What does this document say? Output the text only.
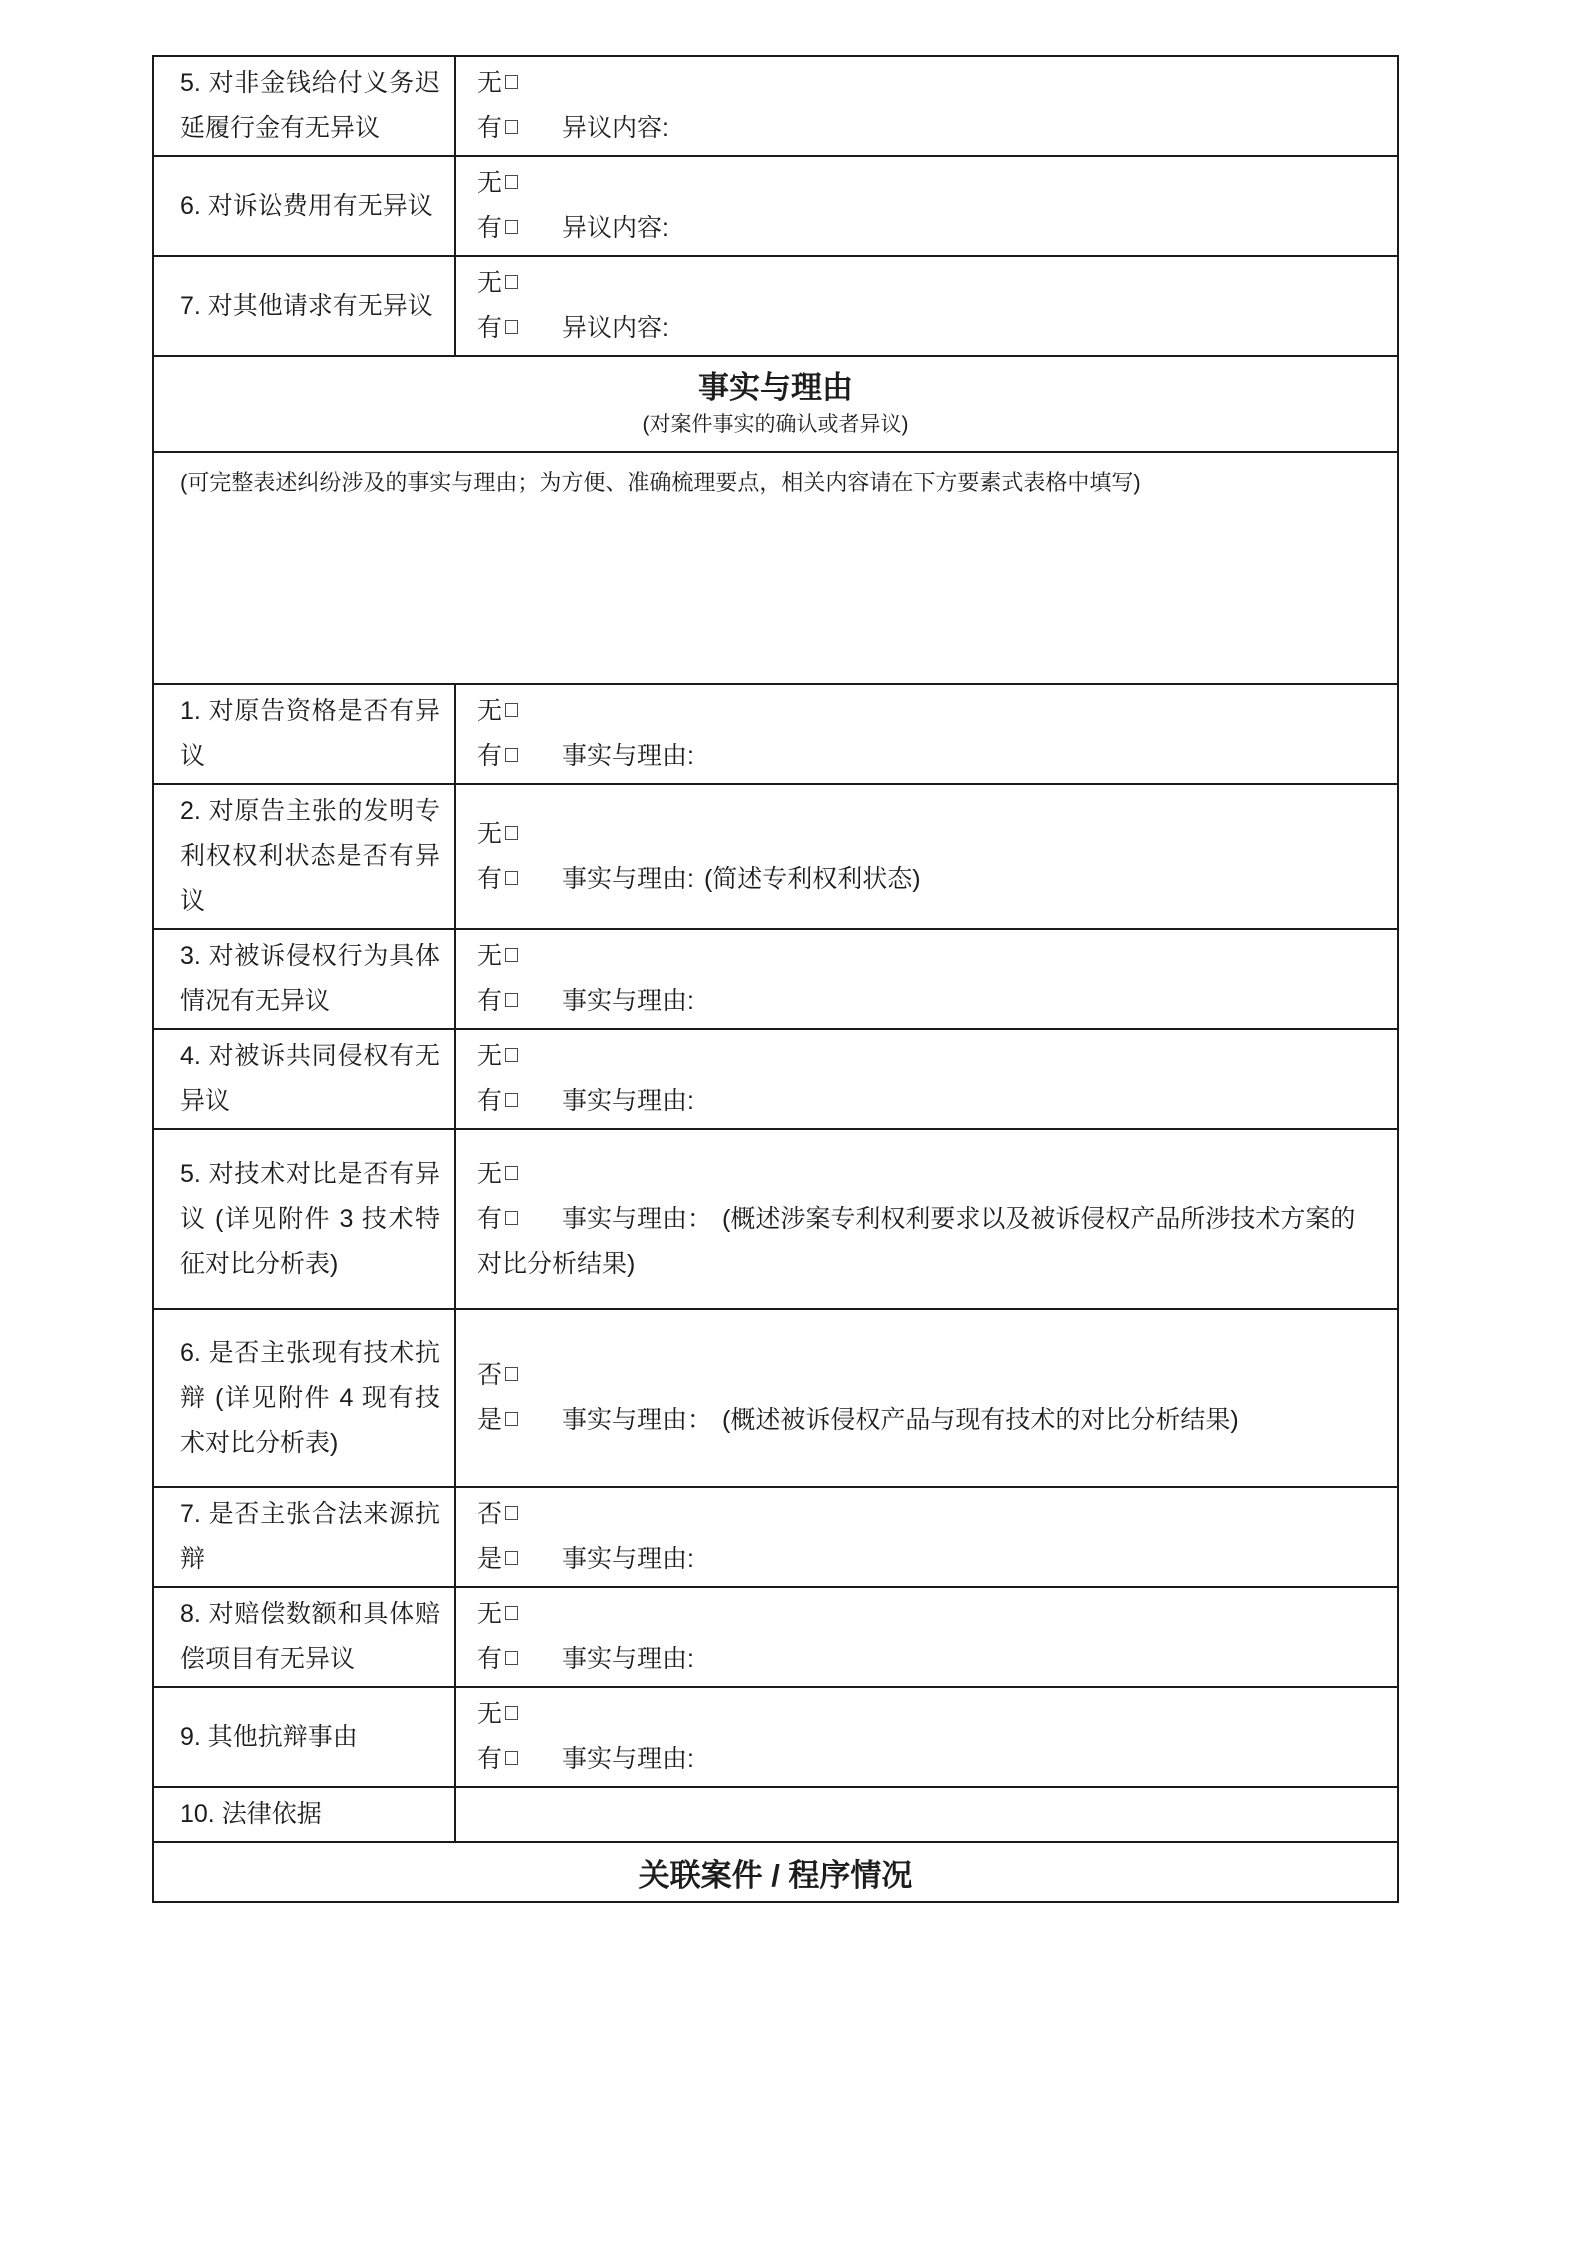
5. 对非金钱给付义务迟延履行金有无异议	无
有 异议内容:

6. 对诉讼费用有无异议	无
有 异议内容:

7. 对其他请求有无异议	无
有 异议内容:

事实与理由
(对案件事实的确认或者异议)	

(可完整表述纠纷涉及的事实与理由；为方便、准确梳理要点，相关内容请在下方要素式表格中填写)	
1. 对原告资格是否有异议	无
有 事实与理由:

2. 对原告主张的发明专利权权利状态是否有异议	无
有 事实与理由: (简述专利权利状态)

3. 对被诉侵权行为具体情况有无异议	无
有 事实与理由:

4. 对被诉共同侵权有无异议	无
有 事实与理由:

5. 对技术对比是否有异议 (详见附件 3 技术特征对比分析表)	无
有 事实与理由： (概述涉案专利权利要求以及被诉侵权产品所涉技术方案的对比分析结果)

6. 是否主张现有技术抗辩 (详见附件 4 现有技术对比分析表)	否
是 事实与理由： (概述被诉侵权产品与现有技术的对比分析结果)

7. 是否主张合法来源抗辩	否
是 事实与理由:

8. 对赔偿数额和具体赔偿项目有无异议	无
有 事实与理由:

9. 其他抗辩事由	无
有 事实与理由:

10. 法律依据	
关联案件 / 程序情况	
